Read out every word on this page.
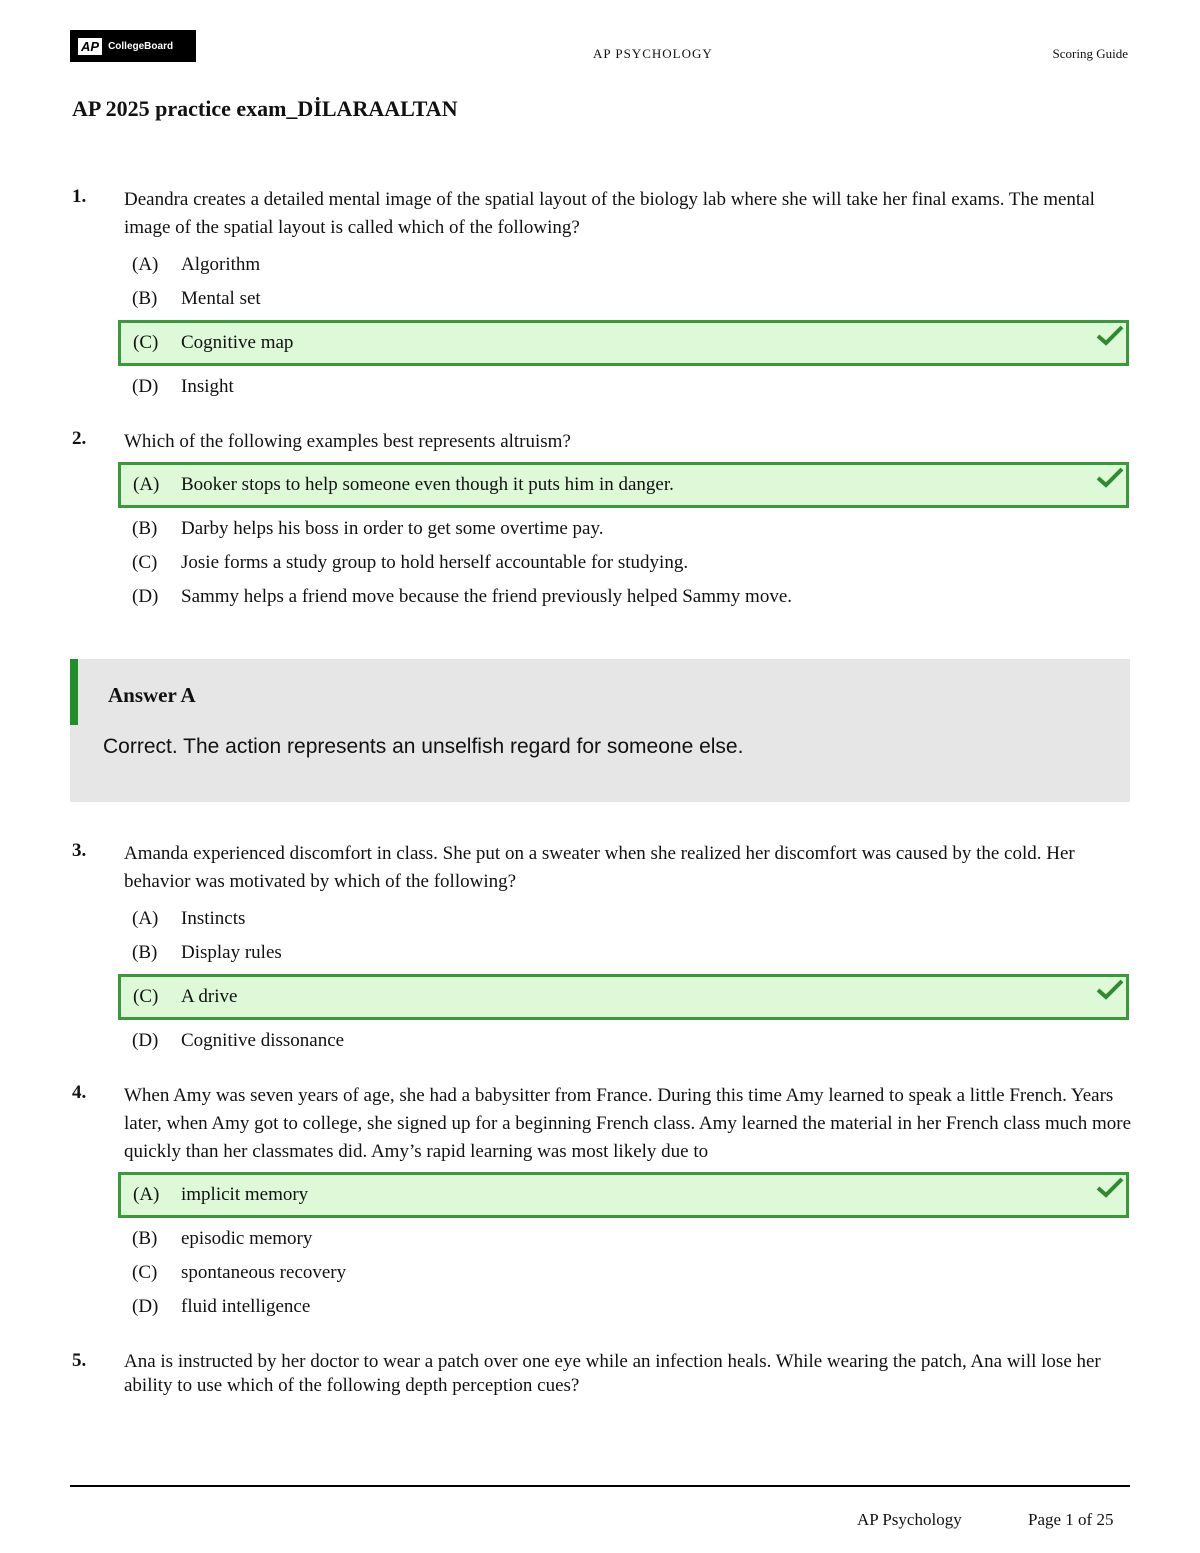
AP CollegeBoard	AP PSYCHOLOGY	Scoring Guide
AP 2025 practice exam_DİLARAALTAN
1. Deandra creates a detailed mental image of the spatial layout of the biology lab where she will take her final exams. The mental image of the spatial layout is called which of the following?
(A) Algorithm
(B) Mental set
(C) Cognitive map
(D) Insight
2. Which of the following examples best represents altruism?
(A) Booker stops to help someone even though it puts him in danger.
(B) Darby helps his boss in order to get some overtime pay.
(C) Josie forms a study group to hold herself accountable for studying.
(D) Sammy helps a friend move because the friend previously helped Sammy move.
Answer A
Correct. The action represents an unselfish regard for someone else.
3. Amanda experienced discomfort in class. She put on a sweater when she realized her discomfort was caused by the cold. Her behavior was motivated by which of the following?
(A) Instincts
(B) Display rules
(C) A drive
(D) Cognitive dissonance
4. When Amy was seven years of age, she had a babysitter from France. During this time Amy learned to speak a little French. Years later, when Amy got to college, she signed up for a beginning French class. Amy learned the material in her French class much more quickly than her classmates did. Amy’s rapid learning was most likely due to
(A) implicit memory
(B) episodic memory
(C) spontaneous recovery
(D) fluid intelligence
5. Ana is instructed by her doctor to wear a patch over one eye while an infection heals. While wearing the patch, Ana will lose her ability to use which of the following depth perception cues?
AP Psychology	Page 1 of 25
